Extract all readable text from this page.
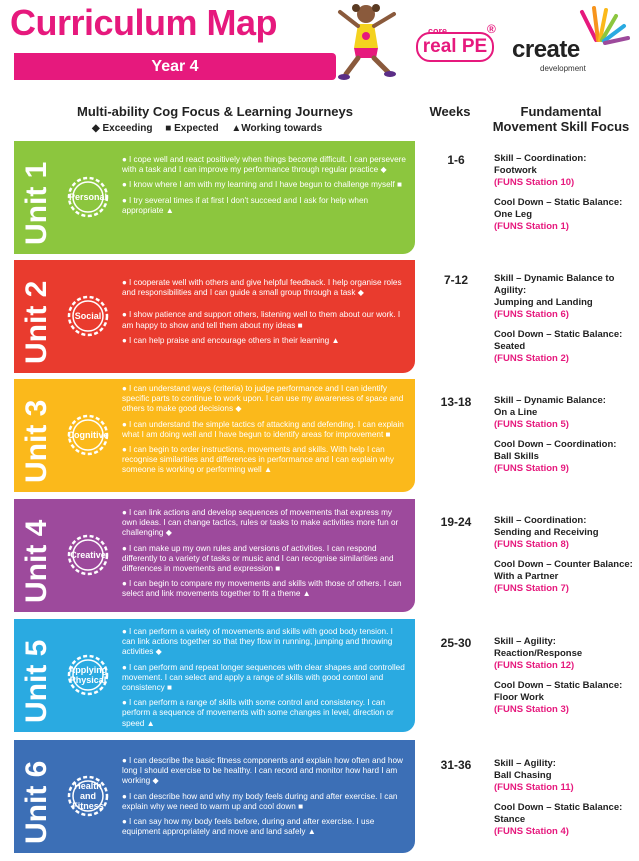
Curriculum Map
Year 4
core
real PE
®
create
development
Multi-ability Cog Focus & Learning Journeys
◆ Exceeding ■ Expected ▲Working towards
Weeks	Fundamental
Movement Skill Focus
Unit 1	Personal
● I cope well and react positively when things become difficult. I can persevere with a task and I can improve my performance through regular practice ◆
● I know where I am with my learning and I have begun to challenge myself ■
● I try several times if at first I don't succeed and I ask for help when appropriate ▲
1-6	Skill – Coordination:
Footwork
(FUNS Station 10)
Cool Down – Static Balance:
One Leg
(FUNS Station 1)
Unit 2	Social
● I cooperate well with others and give helpful feedback. I help organise roles and responsibilities and I can guide a small group through a task ◆
● I show patience and support others, listening well to them about our work. I am happy to show and tell them about my ideas ■
● I can help praise and encourage others in their learning ▲
7-12	Skill – Dynamic Balance to Agility:
Jumping and Landing
(FUNS Station 6)
Cool Down – Static Balance:
Seated
(FUNS Station 2)
Unit 3	Cognitive
● I can understand ways (criteria) to judge performance and I can identify specific parts to continue to work upon. I can use my awareness of space and others to make good decisions ◆
● I can understand the simple tactics of attacking and defending. I can explain what I am doing well and I have begun to identify areas for improvement ■
● I can begin to order instructions, movements and skills. With help I can recognise similarities and differences in performance and I can explain why someone is working or performing well ▲
13-18	Skill – Dynamic Balance:
On a Line
(FUNS Station 5)
Cool Down – Coordination:
Ball Skills
(FUNS Station 9)
Unit 4	Creative
● I can link actions and develop sequences of movements that express my own ideas. I can change tactics, rules or tasks to make activities more fun or challenging ◆
● I can make up my own rules and versions of activities. I can respond differently to a variety of tasks or music and I can recognise similarities and differences in movements and expression ■
● I can begin to compare my movements and skills with those of others. I can select and link movements together to fit a theme ▲
19-24	Skill – Coordination:
Sending and Receiving
(FUNS Station 8)
Cool Down – Counter Balance:
With a Partner
(FUNS Station 7)
Unit 5 Applying
Physical
● I can perform a variety of movements and skills with good body tension. I can link actions together so that they flow in running, jumping and throwing activities ◆
● I can perform and repeat longer sequences with clear shapes and controlled movement. I can select and apply a range of skills with good control and consistency ■
● I can perform a range of skills with some control and consistency. I can perform a sequence of movements with some changes in level, direction or speed ▲
25-30	Skill – Agility:
Reaction/Response
(FUNS Station 12)
Cool Down – Static Balance:
Floor Work
(FUNS Station 3)
Unit 6 Health
and
Fitness
● I can describe the basic fitness components and explain how often and how long I should exercise to be healthy. I can record and monitor how hard I am working ◆
● I can describe how and why my body feels during and after exercise. I can explain why we need to warm up and cool down ■
● I can say how my body feels before, during and after exercise. I use equipment appropriately and move and land safely ▲
31-36	Skill – Agility:
Ball Chasing
(FUNS Station 11)
Cool Down – Static Balance:
Stance
(FUNS Station 4)
